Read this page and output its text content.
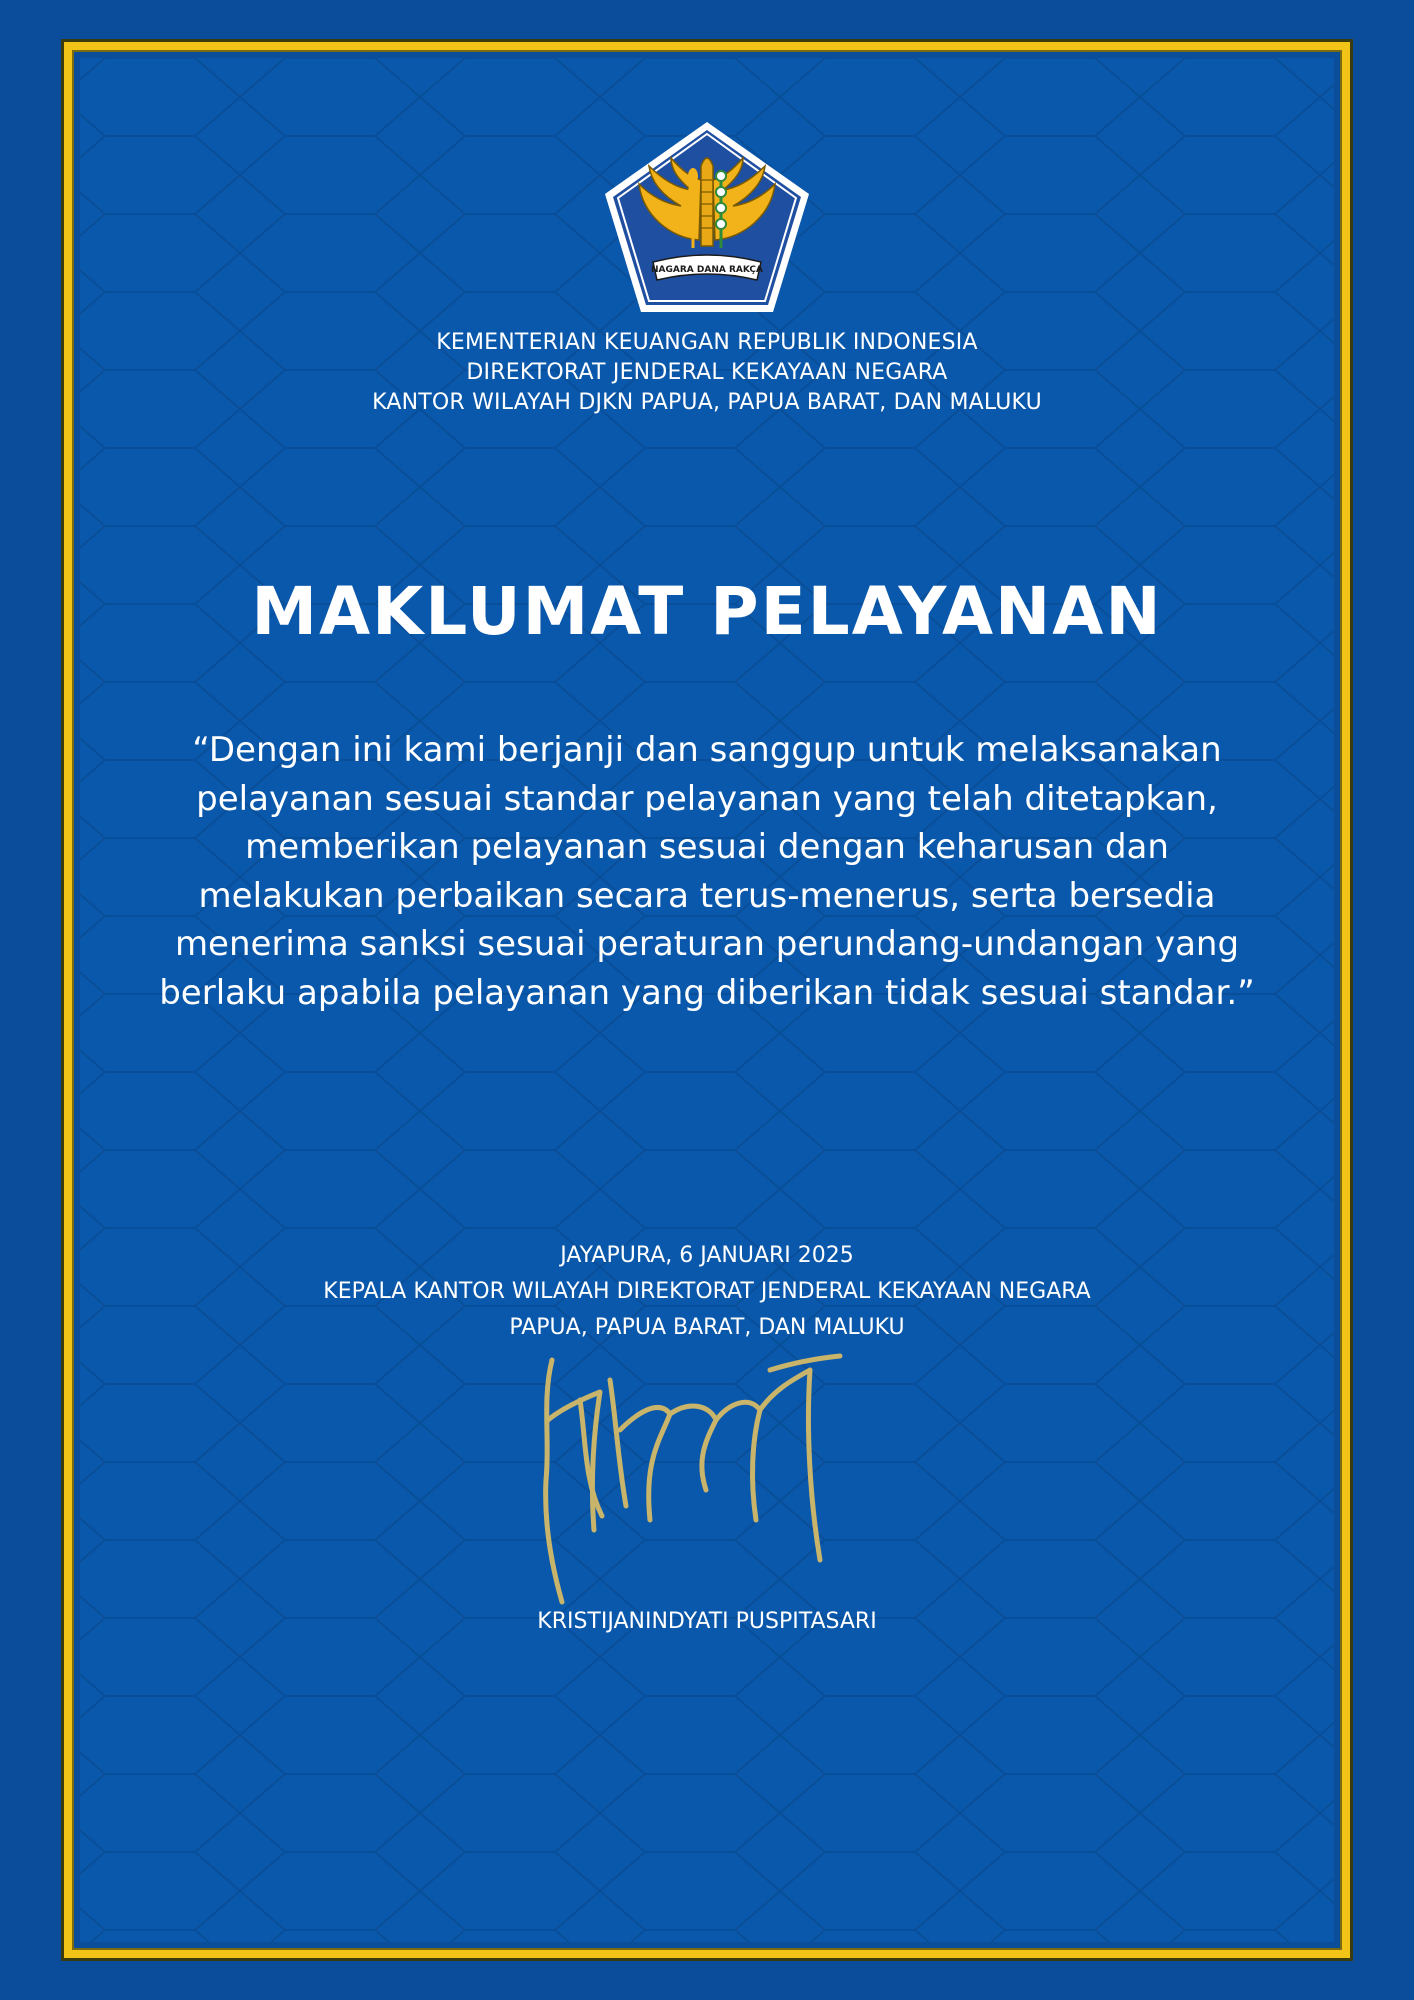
NAGARA DANA RAKÇA
KEMENTERIAN KEUANGAN REPUBLIK INDONESIA
DIREKTORAT JENDERAL KEKAYAAN NEGARA
KANTOR WILAYAH DJKN PAPUA, PAPUA BARAT, DAN MALUKU
MAKLUMAT PELAYANAN
“Dengan ini kami berjanji dan sanggup untuk melaksanakan
pelayanan sesuai standar pelayanan yang telah ditetapkan,
memberikan pelayanan sesuai dengan keharusan dan
melakukan perbaikan secara terus-menerus, serta bersedia
menerima sanksi sesuai peraturan perundang-undangan yang
berlaku apabila pelayanan yang diberikan tidak sesuai standar.”
JAYAPURA, 6 JANUARI 2025
KEPALA KANTOR WILAYAH DIREKTORAT JENDERAL KEKAYAAN NEGARA
PAPUA, PAPUA BARAT, DAN MALUKU
KRISTIJANINDYATI PUSPITASARI
